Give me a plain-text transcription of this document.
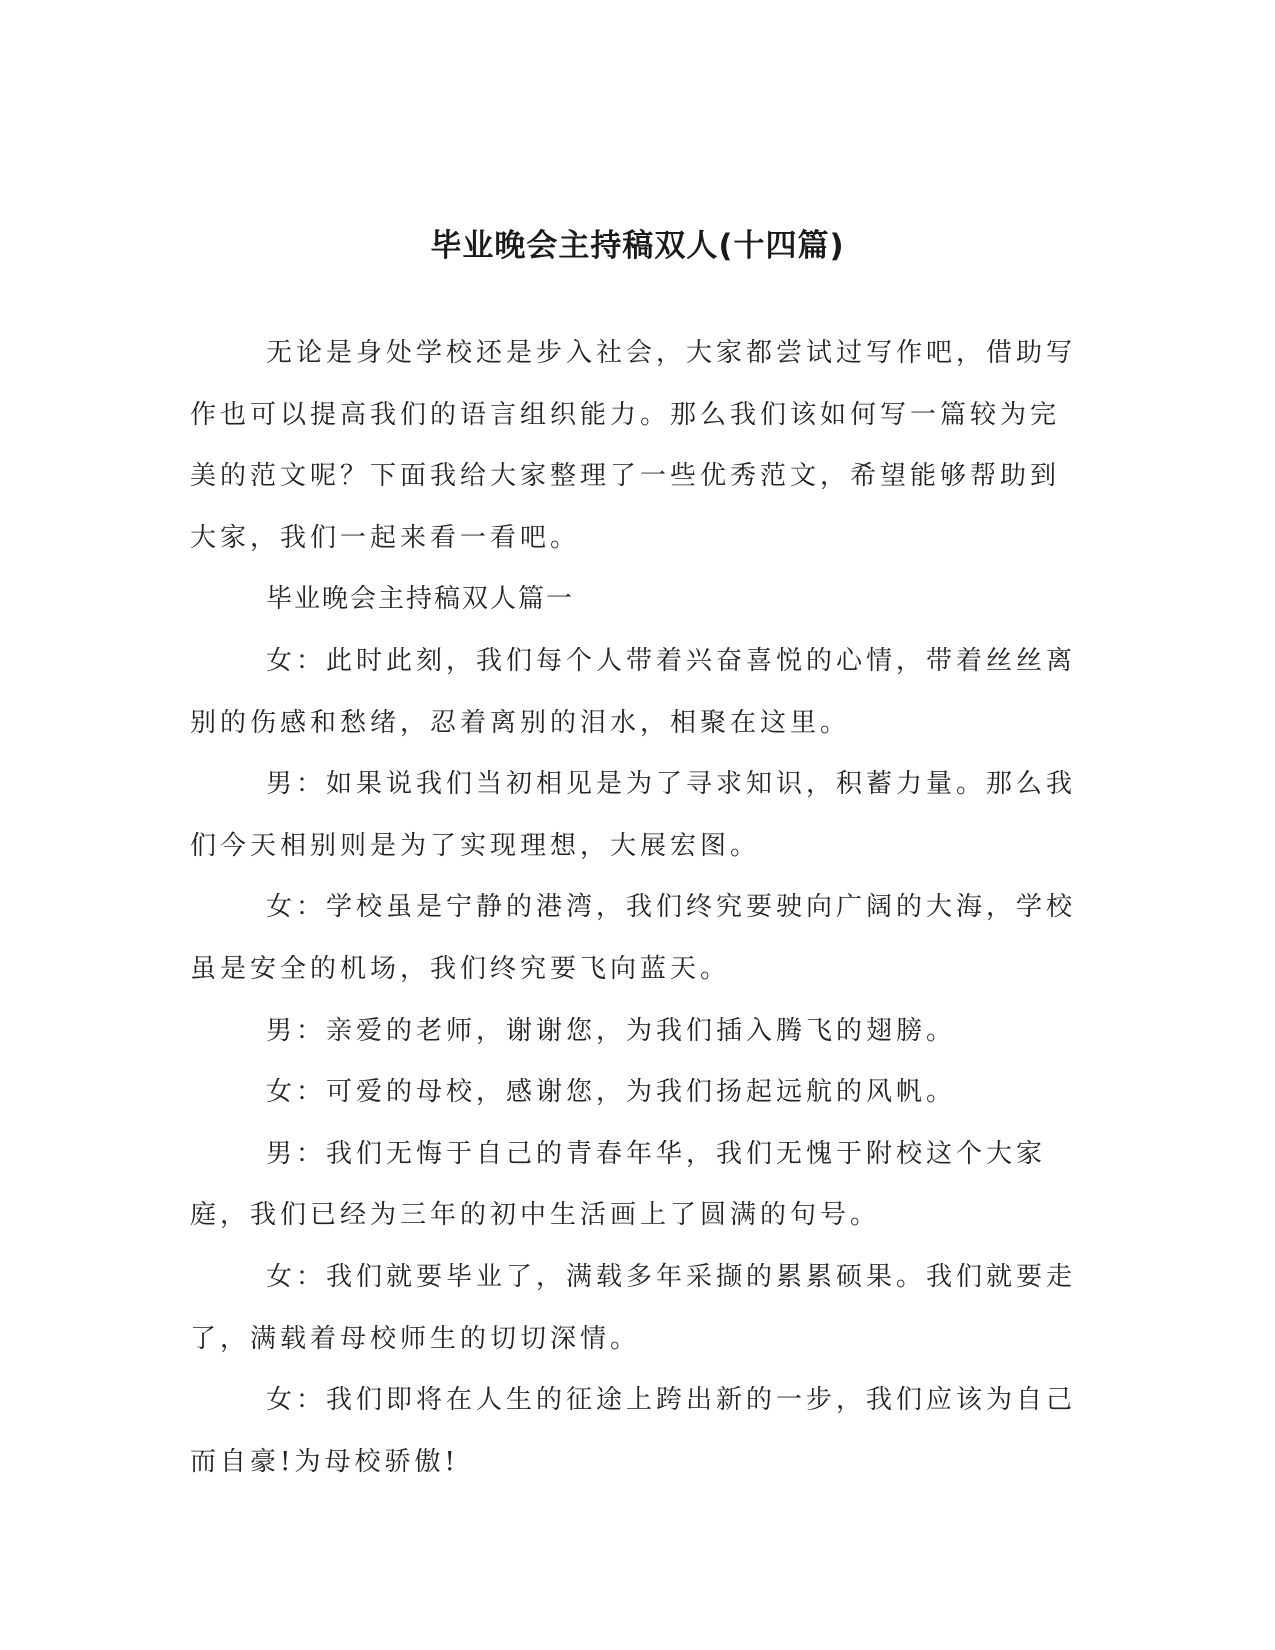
毕业晚会主持稿双人(十四篇)

无论是身处学校还是步入社会，大家都尝试过写作吧，借助写作也可以提高我们的语言组织能力。那么我们该如何写一篇较为完美的范文呢？下面我给大家整理了一些优秀范文，希望能够帮助到大家，我们一起来看一看吧。

毕业晚会主持稿双人篇一

女：此时此刻，我们每个人带着兴奋喜悦的心情，带着丝丝离别的伤感和愁绪，忍着离别的泪水，相聚在这里。

男：如果说我们当初相见是为了寻求知识，积蓄力量。那么我们今天相别则是为了实现理想，大展宏图。

女：学校虽是宁静的港湾，我们终究要驶向广阔的大海，学校虽是安全的机场，我们终究要飞向蓝天。

男：亲爱的老师，谢谢您，为我们插入腾飞的翅膀。

女：可爱的母校，感谢您，为我们扬起远航的风帆。

男：我们无悔于自己的青春年华，我们无愧于附校这个大家庭，我们已经为三年的初中生活画上了圆满的句号。

女：我们就要毕业了，满载多年采撷的累累硕果。我们就要走了，满载着母校师生的切切深情。

女：我们即将在人生的征途上跨出新的一步，我们应该为自己而自豪!为母校骄傲!
